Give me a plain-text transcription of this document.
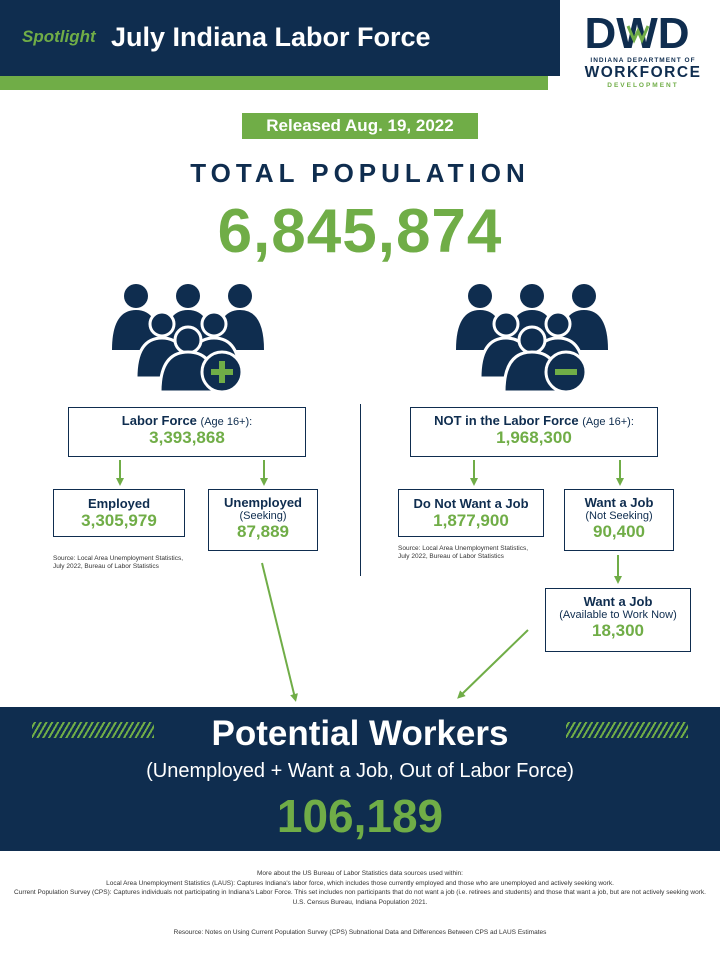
Spotlight July Indiana Labor Force	DWD
INDIANA DEPARTMENT OF
WORKFORCE
DEVELOPMENT
Released Aug. 19, 2022
TOTAL POPULATION
6,845,874
Labor Force (Age 16+):
3,393,868
Employed
3,305,979
Unemployed
(Seeking)
87,889
Source: Local Area Unemployment Statistics, July 2022, Bureau of Labor Statistics
NOT in the Labor Force (Age 16+):
1,968,300
Do Not Want a Job
1,877,900
Want a Job
(Not Seeking)
90,400
Source: Local Area Unemployment Statistics, July 2022, Bureau of Labor Statistics
Want a Job
(Available to Work Now)
18,300
Potential Workers
(Unemployed + Want a Job, Out of Labor Force)
106,189
More about the US Bureau of Labor Statistics data sources used within:
Local Area Unemployment Statistics (LAUS): Captures Indiana's labor force, which includes those currently employed and those who are unemployed and actively seeking work.
Current Population Survey (CPS): Captures individuals not participating in Indiana's Labor Force. This set includes non participants that do not want a job (i.e. retirees and students) and those that want a job, but are not actively seeking work.
U.S. Census Bureau, Indiana Population 2021.
Resource: Notes on Using Current Population Survey (CPS) Subnational Data and Differences Between CPS ad LAUS Estimates
